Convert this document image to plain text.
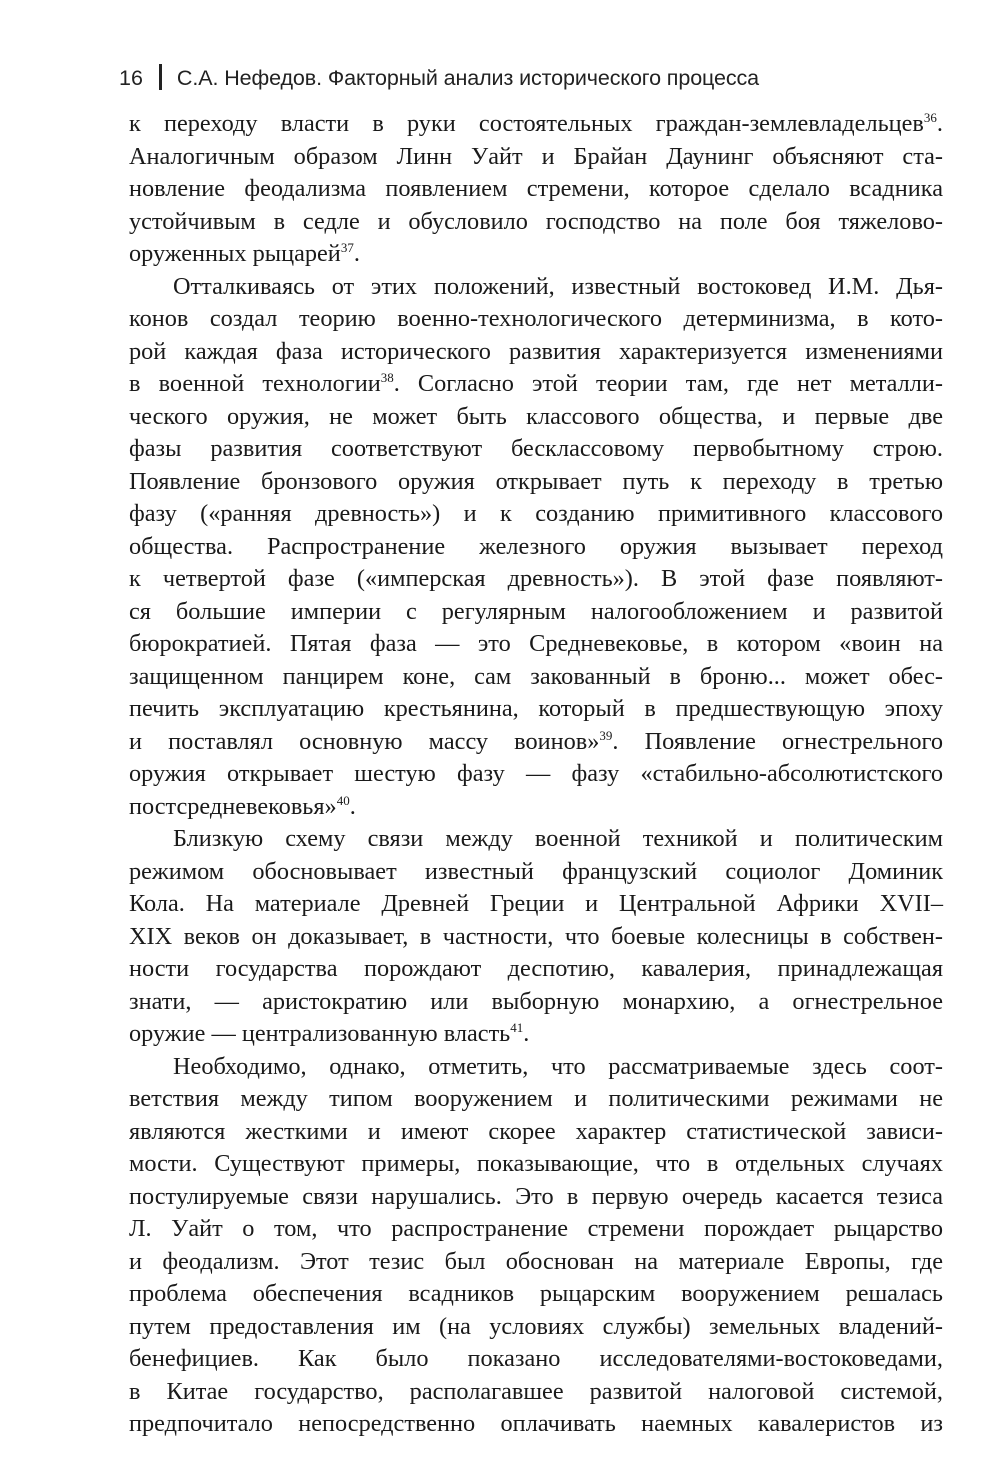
16 С.А. Нефедов. Факторный анализ исторического процесса
к переходу власти в руки состоятельных граждан-землевладельцев$^{36}$.
Аналогичным образом Линн Уайт и Брайан Даунинг объясняют ста-
новление феодализма появлением стремени, которое сделало всадника
устойчивым в седле и обусловило господство на поле боя тяжелово-
оруженных рыцарей$^{37}$.
Отталкиваясь от этих положений, известный востоковед И.М. Дья-
конов создал теорию военно-технологического детерминизма, в кото-
рой каждая фаза исторического развития характеризуется изменениями
в военной технологии$^{38}$. Согласно этой теории там, где нет металли-
ческого оружия, не может быть классового общества, и первые две
фазы развития соответствуют бесклассовому первобытному строю.
Появление бронзового оружия открывает путь к переходу в третью
фазу («ранняя древность») и к созданию примитивного классового
общества. Распространение железного оружия вызывает переход
к четвертой фазе («имперская древность»). В этой фазе появляют-
ся большие империи с регулярным налогообложением и развитой
бюрократией. Пятая фаза — это Средневековье, в котором «воин на
защищенном панцирем коне, сам закованный в броню... может обес-
печить эксплуатацию крестьянина, который в предшествующую эпоху
и поставлял основную массу воинов»$^{39}$. Появление огнестрельного
оружия открывает шестую фазу — фазу «стабильно-абсолютистского
постсредневековья»$^{40}$.
Близкую схему связи между военной техникой и политическим
режимом обосновывает известный французский социолог Доминик
Кола. На материале Древней Греции и Центральной Африки XVII–
XIX веков он доказывает, в частности, что боевые колесницы в собствен-
ности государства порождают деспотию, кавалерия, принадлежащая
знати, — аристократию или выборную монархию, а огнестрельное
оружие — централизованную власть$^{41}$.
Необходимо, однако, отметить, что рассматриваемые здесь соот-
ветствия между типом вооружением и политическими режимами не
являются жесткими и имеют скорее характер статистической зависи-
мости. Существуют примеры, показывающие, что в отдельных случаях
постулируемые связи нарушались. Это в первую очередь касается тезиса
Л. Уайт о том, что распространение стремени порождает рыцарство
и феодализм. Этот тезис был обоснован на материале Европы, где
проблема обеспечения всадников рыцарским вооружением решалась
путем предоставления им (на условиях службы) земельных владений-
бенефициев. Как было показано исследователями-востоковедами,
в Китае государство, располагавшее развитой налоговой системой,
предпочитало непосредственно оплачивать наемных кавалеристов из
